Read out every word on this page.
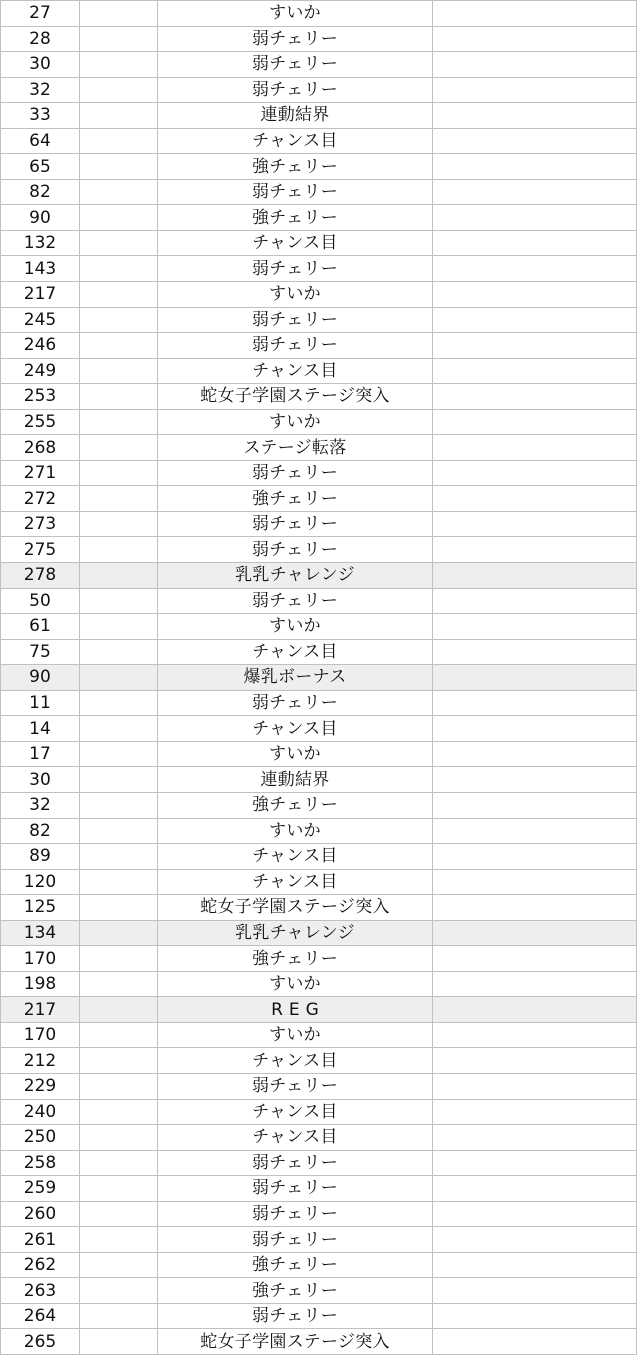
27		すいか	
28		弱チェリー	
30		弱チェリー	
32		弱チェリー	
33		連動結界	
64		チャンス目	
65		強チェリー	
82		弱チェリー	
90		強チェリー	
132		チャンス目	
143		弱チェリー	
217		すいか	
245		弱チェリー	
246		弱チェリー	
249		チャンス目	
253		蛇女子学園ステージ突入	
255		すいか	
268		ステージ転落	
271		弱チェリー	
272		強チェリー	
273		弱チェリー	
275		弱チェリー	
278		乳乳チャレンジ	
50		弱チェリー	
61		すいか	
75		チャンス目	
90		爆乳ボーナス	
11		弱チェリー	
14		チャンス目	
17		すいか	
30		連動結界	
32		強チェリー	
82		すいか	
89		チャンス目	
120		チャンス目	
125		蛇女子学園ステージ突入	
134		乳乳チャレンジ	
170		強チェリー	
198		すいか	
217		REG	
170		すいか	
212		チャンス目	
229		弱チェリー	
240		チャンス目	
250		チャンス目	
258		弱チェリー	
259		弱チェリー	
260		弱チェリー	
261		弱チェリー	
262		強チェリー	
263		強チェリー	
264		弱チェリー	
265		蛇女子学園ステージ突入	
